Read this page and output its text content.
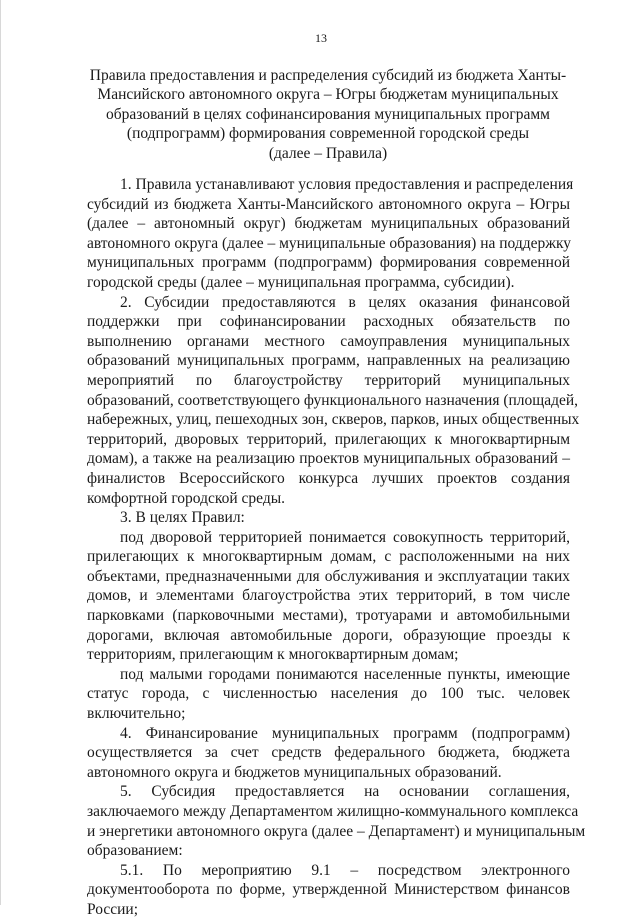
13
Правила предоставления и распределения субсидий из бюджета Ханты-
Мансийского автономного округа – Югры бюджетам муниципальных
образований в целях софинансирования муниципальных программ
(подпрограмм) формирования современной городской среды
(далее – Правила)
1. Правила устанавливают условия предоставления и распределения
субсидий из бюджета Ханты-Мансийского автономного округа – Югры
(далее – автономный округ) бюджетам муниципальных образований
автономного округа (далее – муниципальные образования) на поддержку
муниципальных программ (подпрограмм) формирования современной
городской среды (далее – муниципальная программа, субсидии).
2. Субсидии предоставляются в целях оказания финансовой
поддержки при софинансировании расходных обязательств по
выполнению органами местного самоуправления муниципальных
образований муниципальных программ, направленных на реализацию
мероприятий по благоустройству территорий муниципальных
образований, соответствующего функционального назначения (площадей,
набережных, улиц, пешеходных зон, скверов, парков, иных общественных
территорий, дворовых территорий, прилегающих к многоквартирным
домам), а также на реализацию проектов муниципальных образований –
финалистов Всероссийского конкурса лучших проектов создания
комфортной городской среды.
3. В целях Правил:
под дворовой территорией понимается совокупность территорий,
прилегающих к многоквартирным домам, с расположенными на них
объектами, предназначенными для обслуживания и эксплуатации таких
домов, и элементами благоустройства этих территорий, в том числе
парковками (парковочными местами), тротуарами и автомобильными
дорогами, включая автомобильные дороги, образующие проезды к
территориям, прилегающим к многоквартирным домам;
под малыми городами понимаются населенные пункты, имеющие
статус города, с численностью населения до 100 тыс. человек
включительно;
4. Финансирование муниципальных программ (подпрограмм)
осуществляется за счет средств федерального бюджета, бюджета
автономного округа и бюджетов муниципальных образований.
5. Субсидия предоставляется на основании соглашения,
заключаемого между Департаментом жилищно-коммунального комплекса
и энергетики автономного округа (далее – Департамент) и муниципальным
образованием:
5.1. По мероприятию 9.1 – посредством электронного
документооборота по форме, утвержденной Министерством финансов
России;
